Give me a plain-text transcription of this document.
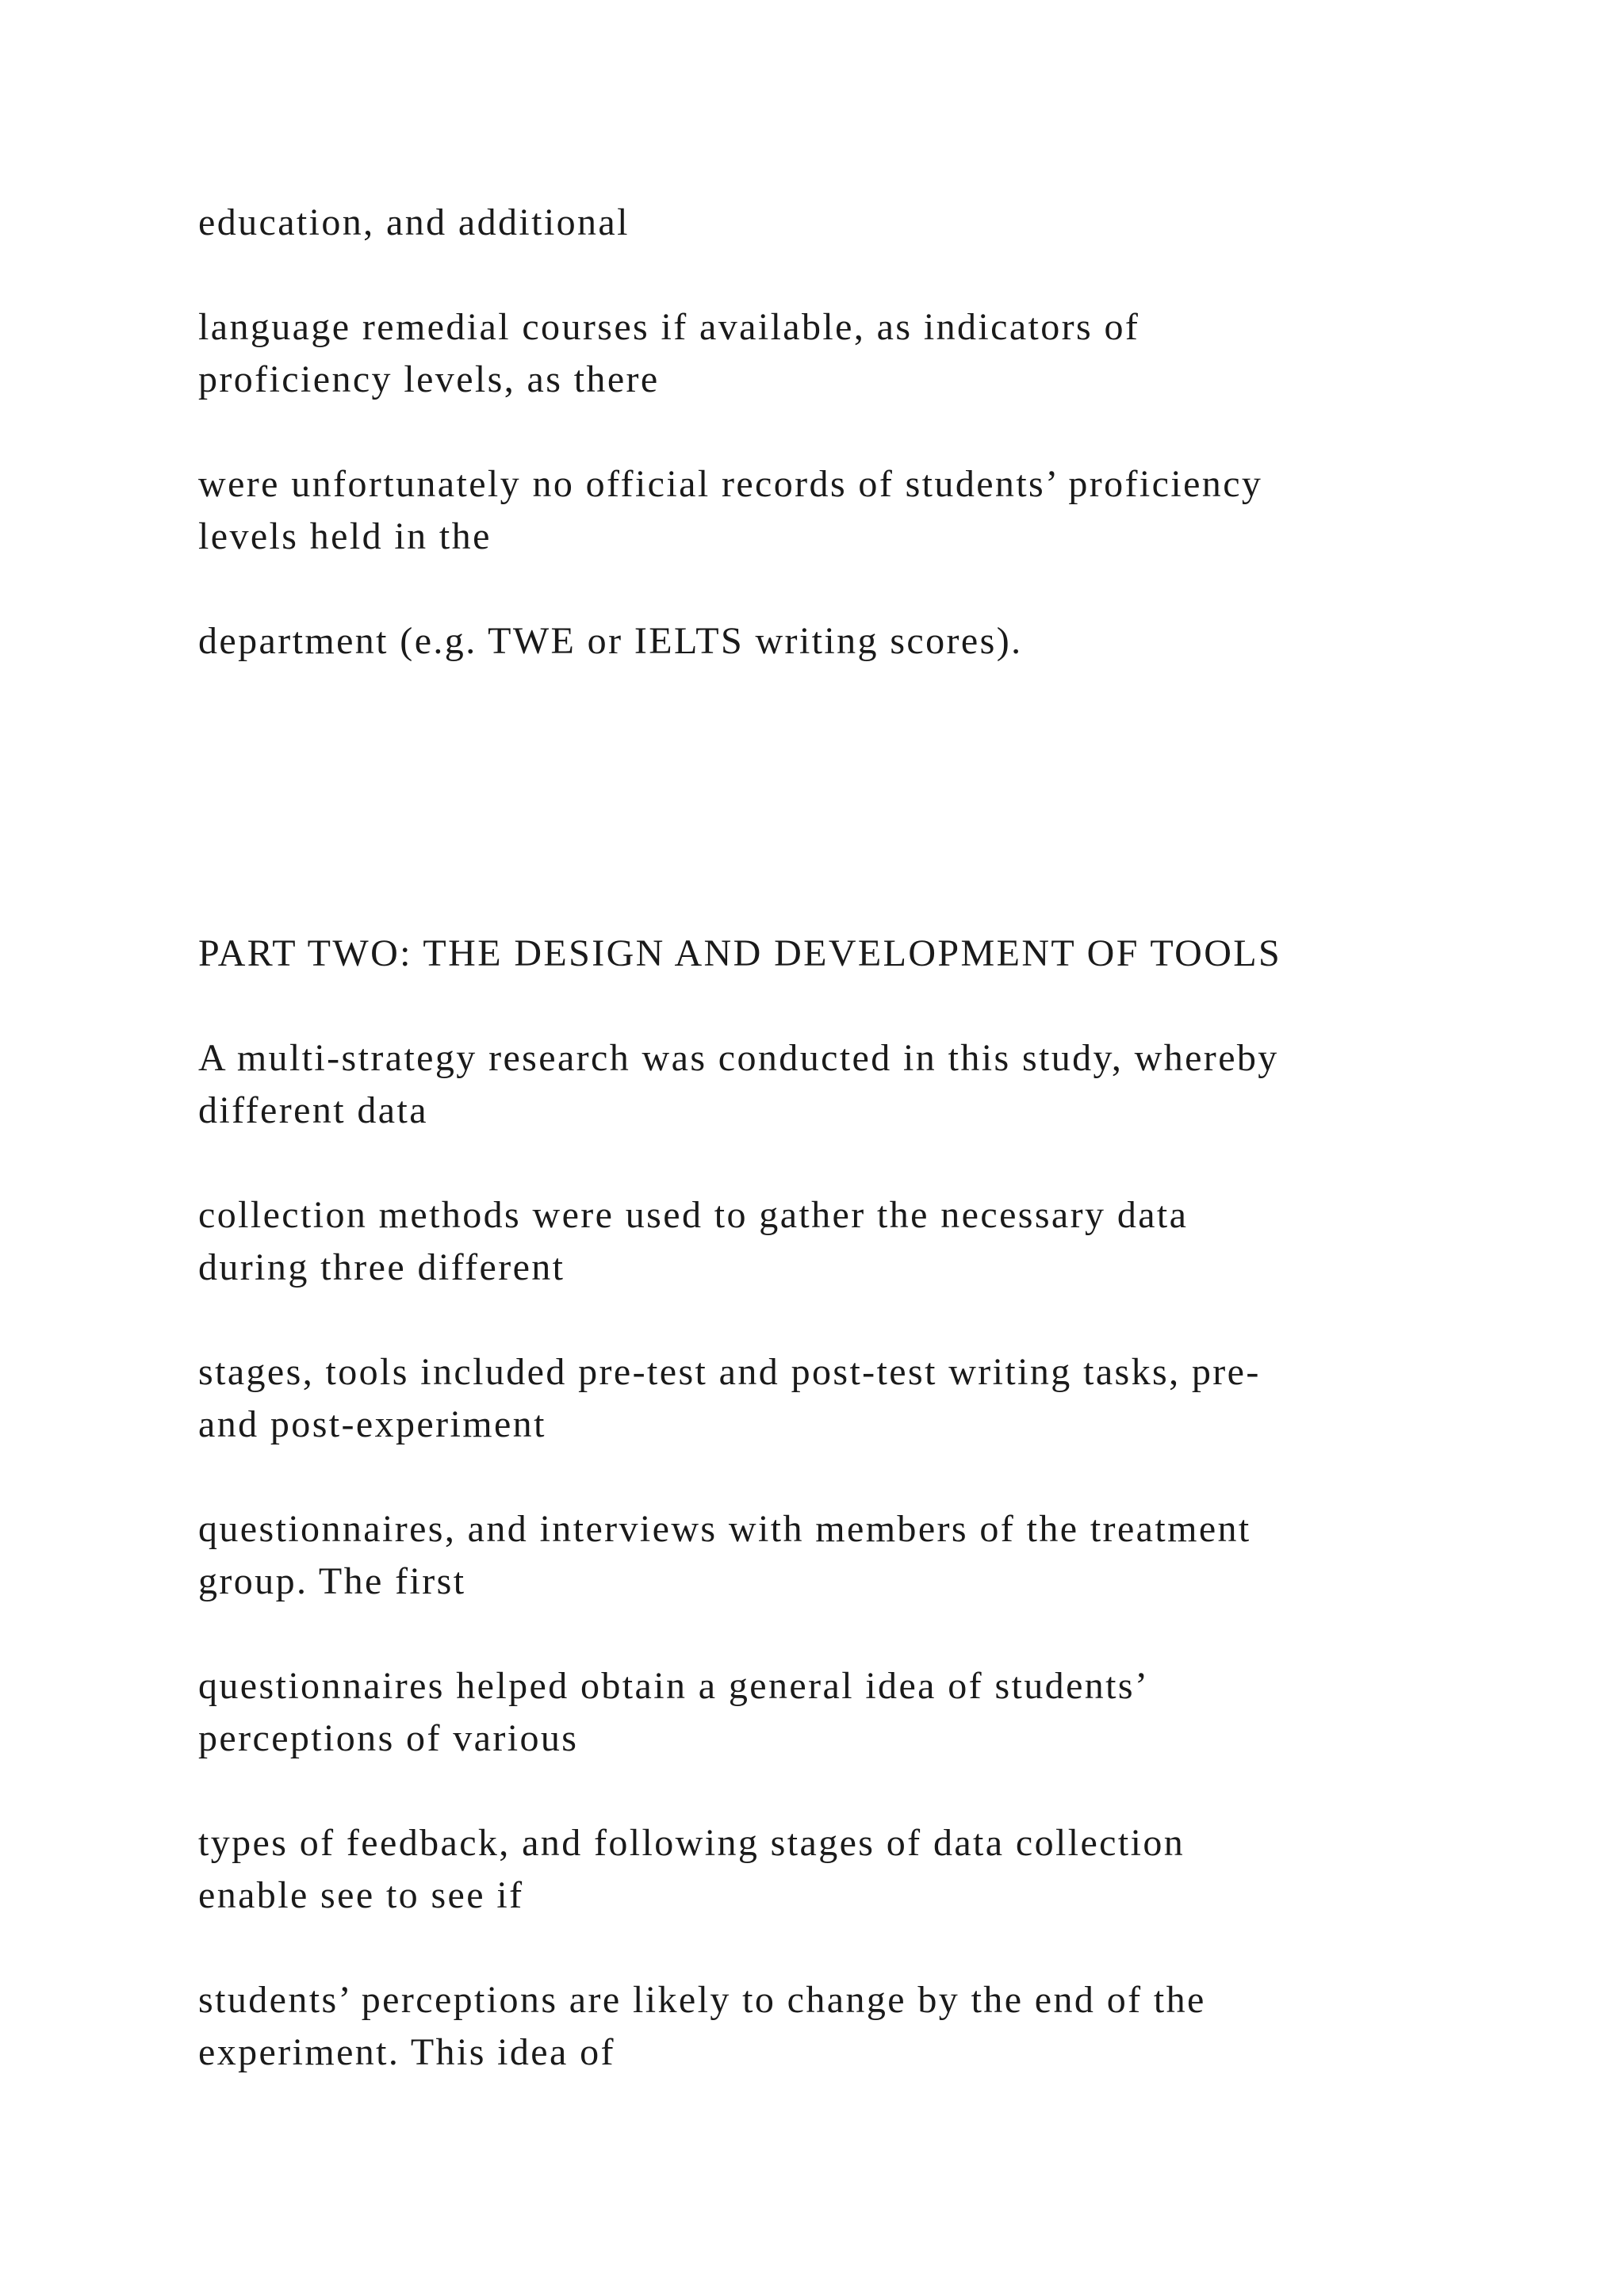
education, and additional

language remedial courses if available, as indicators of
proficiency levels, as there

were unfortunately no official records of students’ proficiency
levels held in the

department (e.g. TWE or IELTS writing scores).

PART TWO: THE DESIGN AND DEVELOPMENT OF TOOLS

A multi-strategy research was conducted in this study, whereby
different data

collection methods were used to gather the necessary data
during three different

stages, tools included pre-test and post-test writing tasks, pre-
and post-experiment

questionnaires, and interviews with members of the treatment
group. The first

questionnaires helped obtain a general idea of students’
perceptions of various

types of feedback, and following stages of data collection
enable see to see if

students’ perceptions are likely to change by the end of the
experiment. This idea of
